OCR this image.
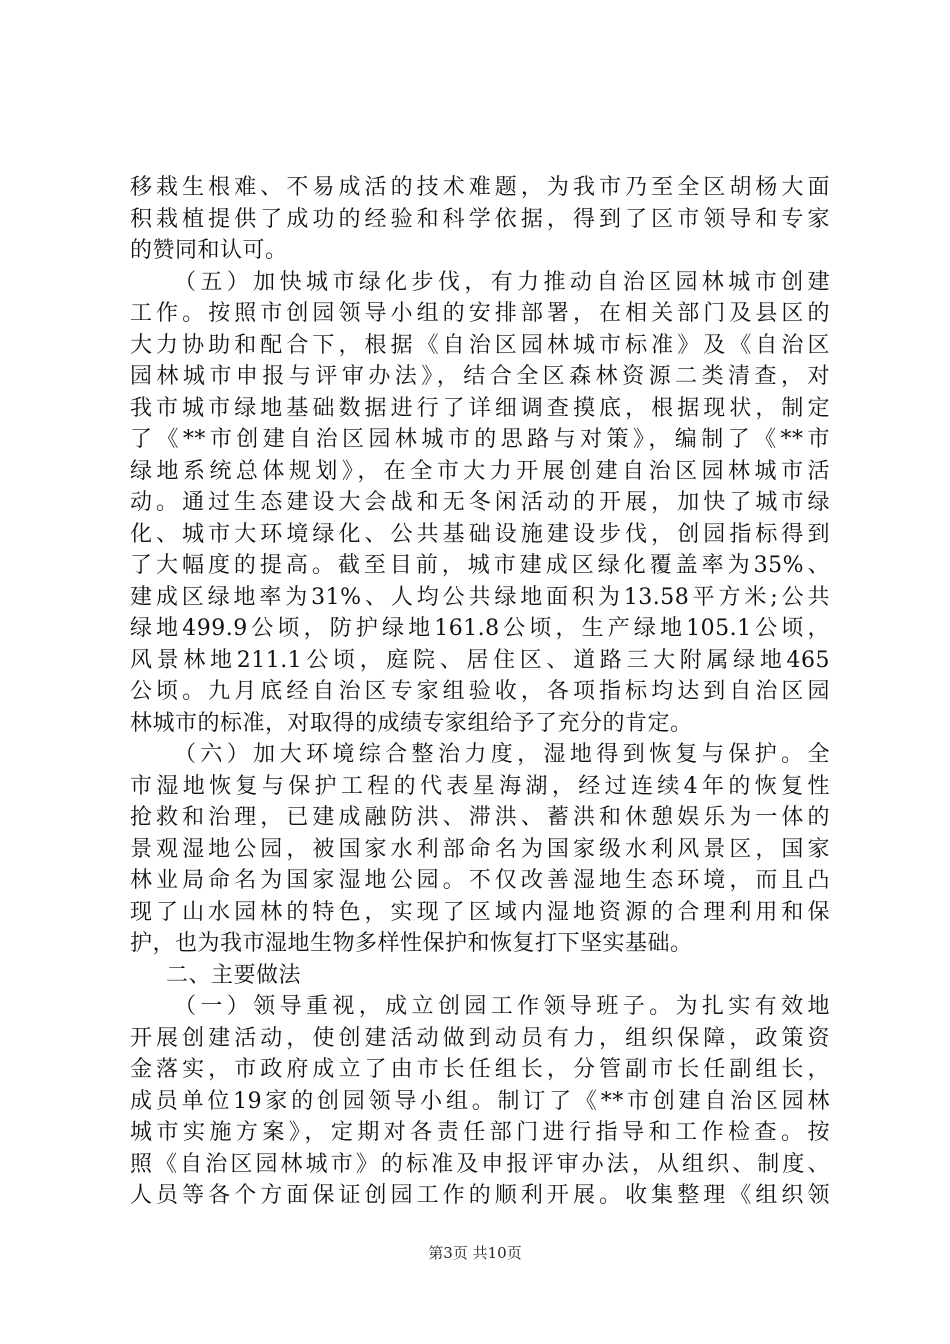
移栽生根难、不易成活的技术难题，为我市乃至全区胡杨大面
积栽植提供了成功的经验和科学依据，得到了区市领导和专家
的赞同和认可。
（五）加快城市绿化步伐，有力推动自治区园林城市创建
工作。按照市创园领导小组的安排部署，在相关部门及县区的
大力协助和配合下，根据《自治区园林城市标准》及《自治区
园林城市申报与评审办法》，结合全区森林资源二类清查，对
我市城市绿地基础数据进行了详细调查摸底，根据现状，制定
了《**市创建自治区园林城市的思路与对策》，编制了《**市
绿地系统总体规划》，在全市大力开展创建自治区园林城市活
动。通过生态建设大会战和无冬闲活动的开展，加快了城市绿
化、城市大环境绿化、公共基础设施建设步伐，创园指标得到
了大幅度的提高。截至目前，城市建成区绿化覆盖率为35%、
建成区绿地率为31%、人均公共绿地面积为13.58平方米;公共
绿地499.9公顷，防护绿地161.8公顷，生产绿地105.1公顷，
风景林地211.1公顷，庭院、居住区、道路三大附属绿地465
公顷。九月底经自治区专家组验收，各项指标均达到自治区园
林城市的标准，对取得的成绩专家组给予了充分的肯定。
（六）加大环境综合整治力度，湿地得到恢复与保护。全
市湿地恢复与保护工程的代表星海湖，经过连续4年的恢复性
抢救和治理，已建成融防洪、滞洪、蓄洪和休憩娱乐为一体的
景观湿地公园，被国家水利部命名为国家级水利风景区，国家
林业局命名为国家湿地公园。不仅改善湿地生态环境，而且凸
现了山水园林的特色，实现了区域内湿地资源的合理利用和保
护，也为我市湿地生物多样性保护和恢复打下坚实基础。
二、主要做法
（一）领导重视，成立创园工作领导班子。为扎实有效地
开展创建活动，使创建活动做到动员有力，组织保障，政策资
金落实，市政府成立了由市长任组长，分管副市长任副组长，
成员单位19家的创园领导小组。制订了《**市创建自治区园林
城市实施方案》，定期对各责任部门进行指导和工作检查。按
照《自治区园林城市》的标准及申报评审办法，从组织、制度、
人员等各个方面保证创园工作的顺利开展。收集整理《组织领
第3页 共10页
